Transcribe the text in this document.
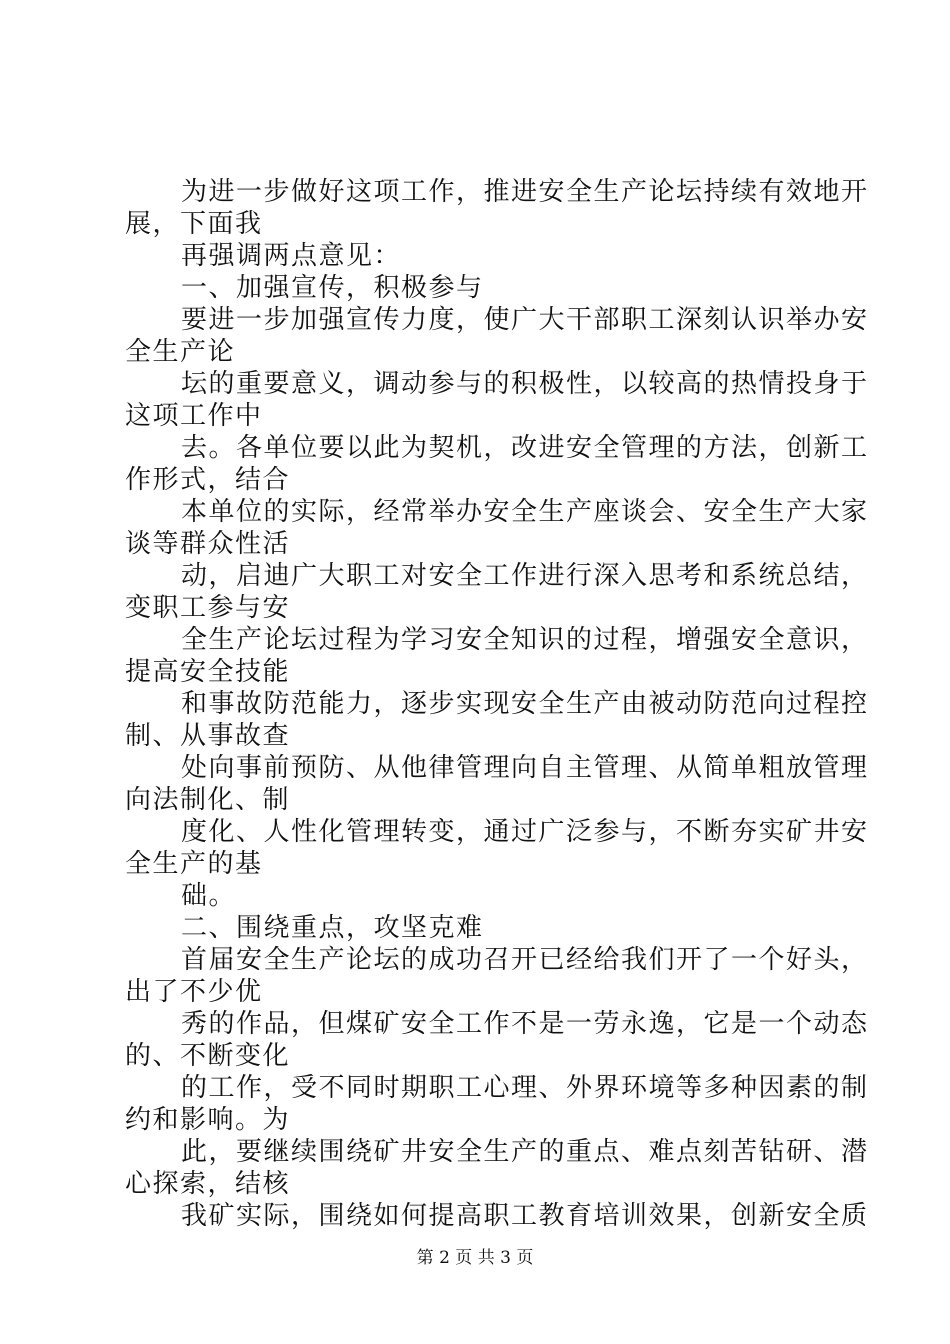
为进一步做好这项工作，推进安全生产论坛持续有效地开
展，下面我
再强调两点意见：
一、加强宣传，积极参与
要进一步加强宣传力度，使广大干部职工深刻认识举办安
全生产论
坛的重要意义，调动参与的积极性，以较高的热情投身于
这项工作中
去。各单位要以此为契机，改进安全管理的方法，创新工
作形式，结合
本单位的实际，经常举办安全生产座谈会、安全生产大家
谈等群众性活
动，启迪广大职工对安全工作进行深入思考和系统总结，
变职工参与安
全生产论坛过程为学习安全知识的过程，增强安全意识，
提高安全技能
和事故防范能力，逐步实现安全生产由被动防范向过程控
制、从事故查
处向事前预防、从他律管理向自主管理、从简单粗放管理
向法制化、制
度化、人性化管理转变，通过广泛参与，不断夯实矿井安
全生产的基
础。
二、围绕重点，攻坚克难
首届安全生产论坛的成功召开已经给我们开了一个好头，
出了不少优
秀的作品，但煤矿安全工作不是一劳永逸，它是一个动态
的、不断变化
的工作，受不同时期职工心理、外界环境等多种因素的制
约和影响。为
此，要继续围绕矿井安全生产的重点、难点刻苦钻研、潜
心探索，结核
我矿实际，围绕如何提高职工教育培训效果，创新安全质
第 2 页 共 3 页
